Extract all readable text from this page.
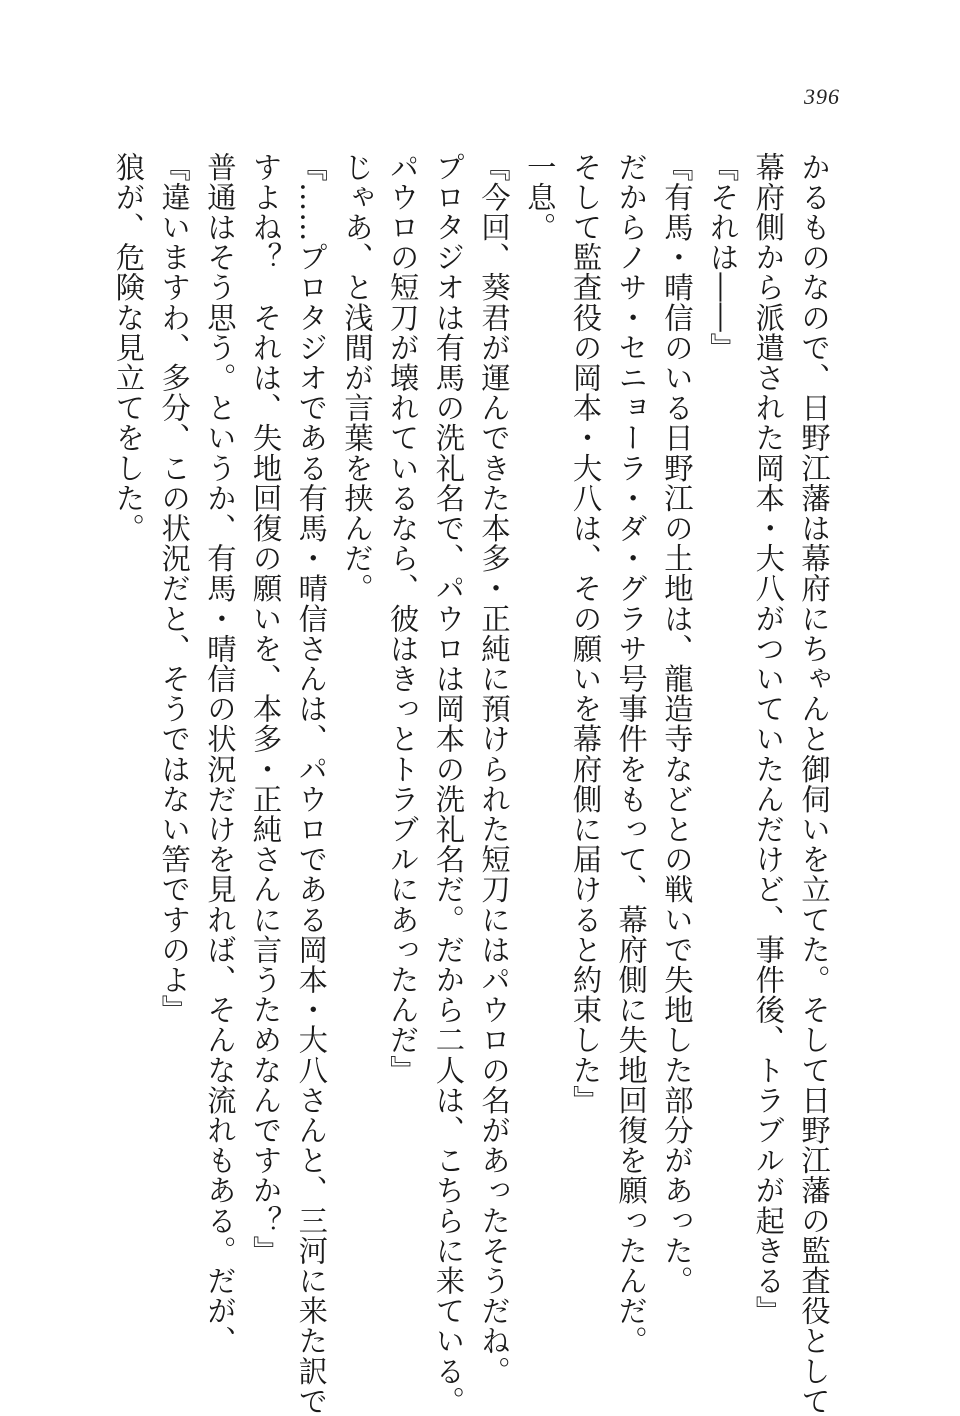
396
かるものなので、日野江藩は幕府にちゃんと御伺いを立てた。そして日野江藩の監査役として
幕府側から派遣された岡本・大八がついていたんだけど、事件後、トラブルが起きる』
『それは――』
『有馬・晴信のいる日野江の土地は、龍造寺などとの戦いで失地した部分があった。
だからノサ・セニョーラ・ダ・グラサ号事件をもって、幕府側に失地回復を願ったんだ。
そして監査役の岡本・大八は、その願いを幕府側に届けると約束した』
一息。
『今回、葵君が運んできた本多・正純に預けられた短刀にはパウロの名があったそうだね。
プロタジオは有馬の洗礼名で、パウロは岡本の洗礼名だ。だから二人は、こちらに来ている。
パウロの短刀が壊れているなら、彼はきっとトラブルにあったんだ』
じゃあ、と浅間が言葉を挟んだ。
『……プロタジオである有馬・晴信さんは、パウロである岡本・大八さんと、三河に来た訳で
すよね？　それは、失地回復の願いを、本多・正純さんに言うためなんですか？』
普通はそう思う。というか、有馬・晴信の状況だけを見れば、そんな流れもある。だが、
『違いますわ、多分、この状況だと、そうではない筈ですのよ』
狼が、危険な見立てをした。
